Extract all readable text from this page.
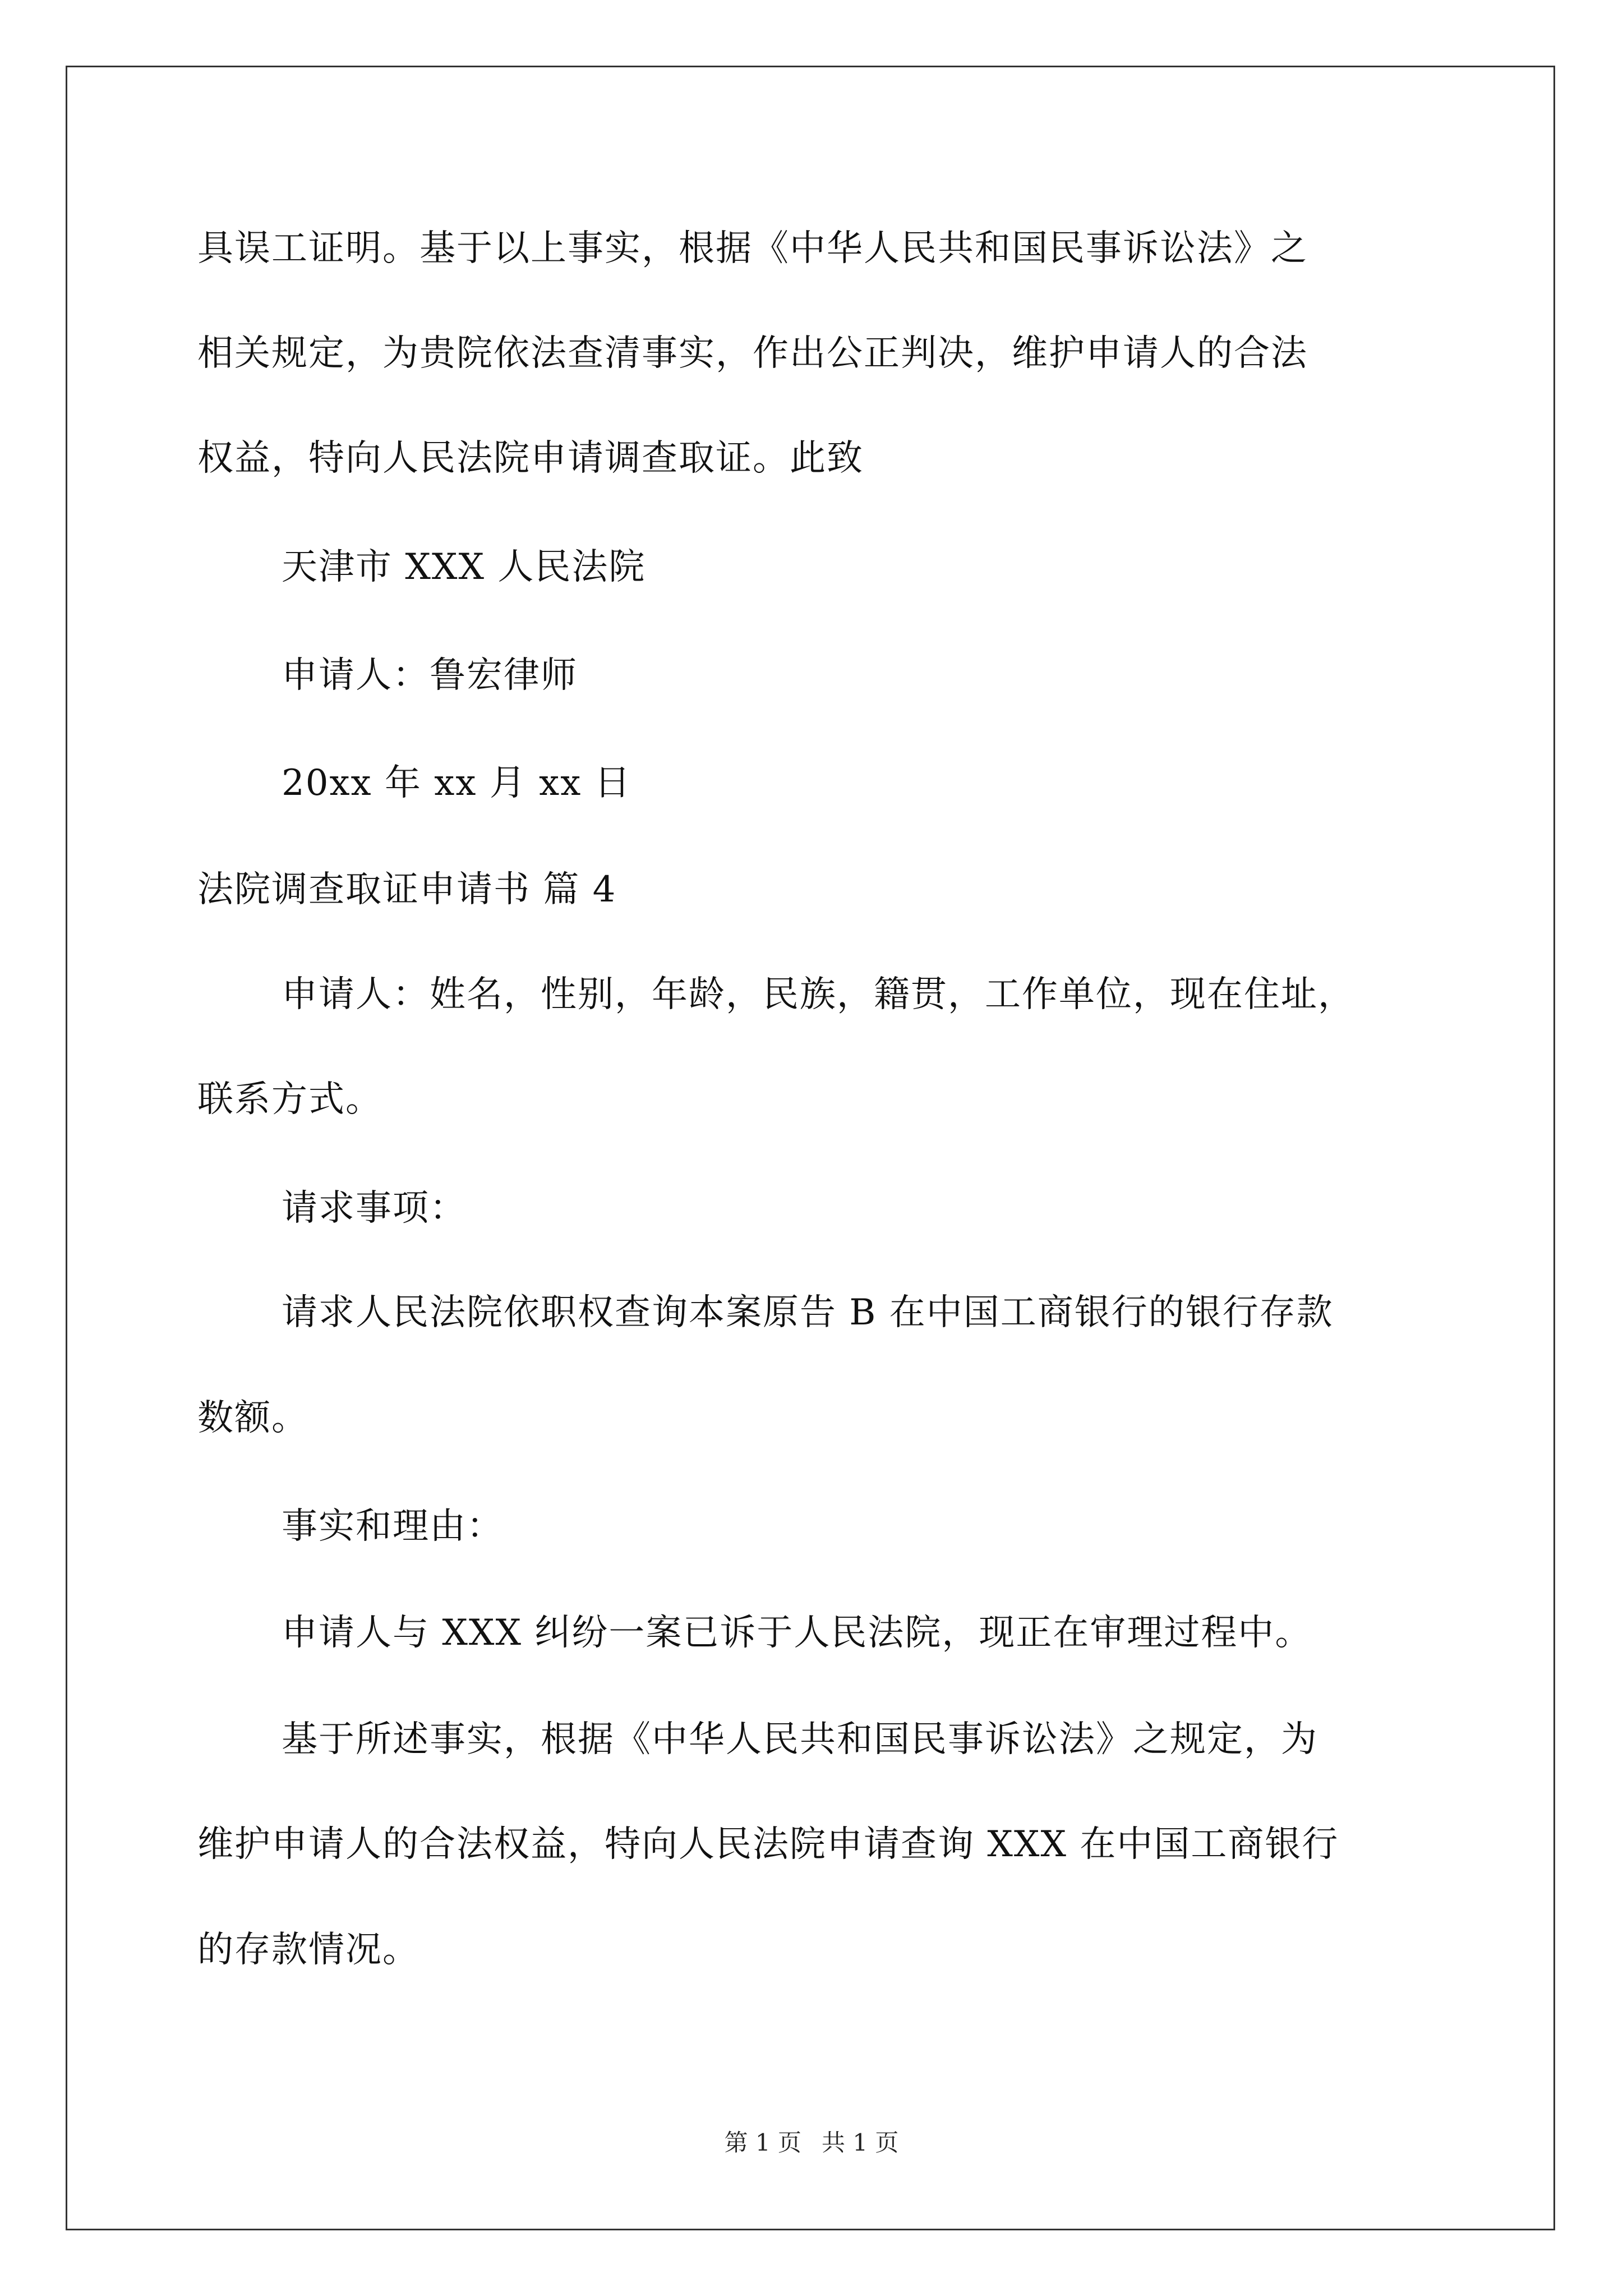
具误工证明。基于以上事实，根据《中华人民共和国民事诉讼法》之
相关规定，为贵院依法查清事实，作出公正判决，维护申请人的合法
权益，特向人民法院申请调查取证。此致
天津市 XXX 人民法院
申请人：鲁宏律师
20xx 年 xx 月 xx 日
法院调查取证申请书 篇 4
申请人：姓名，性别，年龄，民族，籍贯，工作单位，现在住址，
联系方式。
请求事项：
请求人民法院依职权查询本案原告 B 在中国工商银行的银行存款
数额。
事实和理由：
申请人与 XXX 纠纷一案已诉于人民法院，现正在审理过程中。
基于所述事实，根据《中华人民共和国民事诉讼法》之规定，为
维护申请人的合法权益，特向人民法院申请查询 XXX 在中国工商银行
的存款情况。
第 1 页 共 1 页
